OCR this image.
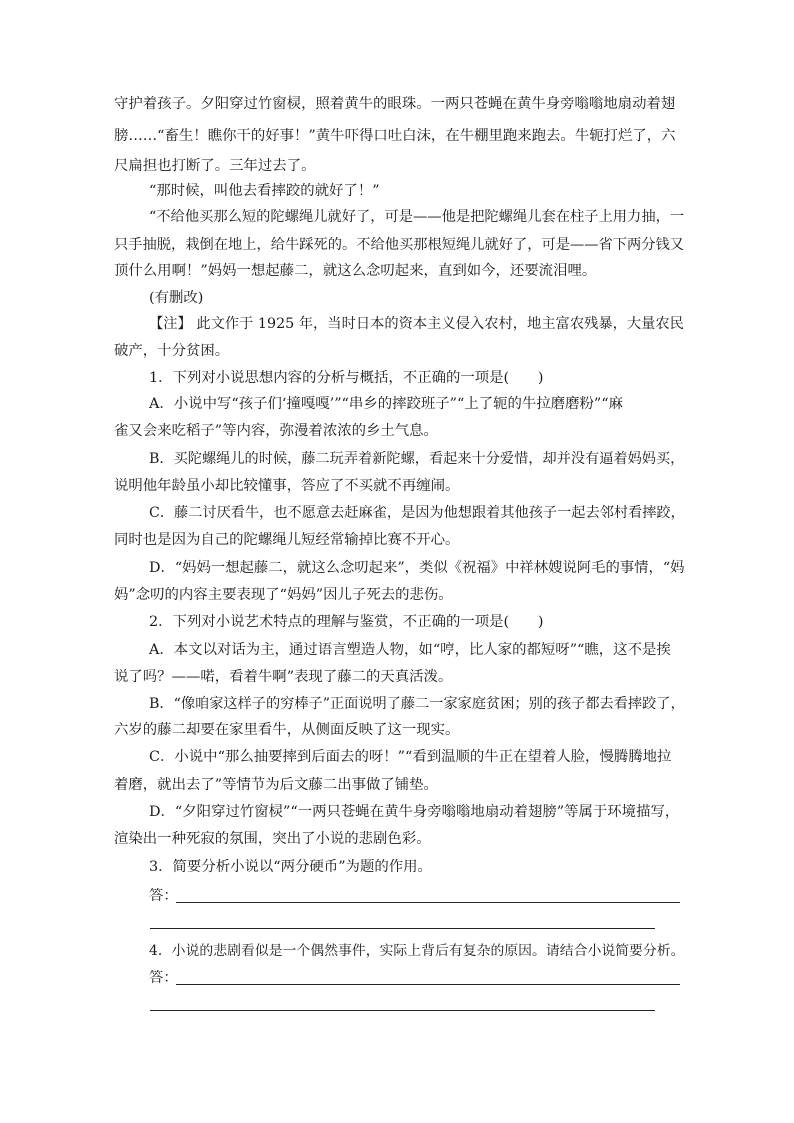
守护着孩子。夕阳穿过竹窗棂，照着黄牛的眼珠。一两只苍蝇在黄牛身旁嗡嗡地扇动着翅
膀……“畜生！瞧你干的好事！”黄牛吓得口吐白沫，在牛棚里跑来跑去。牛轭打烂了，六
尺扁担也打断了。三年过去了。
“那时候，叫他去看摔跤的就好了！”
“不给他买那么短的陀螺绳儿就好了，可是——他是把陀螺绳儿套在柱子上用力抽，一
只手抽脱，栽倒在地上，给牛踩死的。不给他买那根短绳儿就好了，可是——省下两分钱又
顶什么用啊！”妈妈一想起藤二，就这么念叨起来，直到如今，还要流泪哩。
(有删改)
【注】 此文作于 1925 年，当时日本的资本主义侵入农村，地主富农残暴，大量农民
破产，十分贫困。
1．下列对小说思想内容的分析与概括，不正确的一项是(　　)
A．小说中写“孩子们‘撞嘎嘎’”“串乡的摔跤班子”“上了轭的牛拉磨磨粉”“麻
雀又会来吃稻子”等内容，弥漫着浓浓的乡土气息。
B．买陀螺绳儿的时候，藤二玩弄着新陀螺，看起来十分爱惜，却并没有逼着妈妈买，
说明他年龄虽小却比较懂事，答应了不买就不再缠闹。
C．藤二讨厌看牛，也不愿意去赶麻雀，是因为他想跟着其他孩子一起去邻村看摔跤，
同时也是因为自己的陀螺绳儿短经常输掉比赛不开心。
D．“妈妈一想起藤二，就这么念叨起来”，类似《祝福》中祥林嫂说阿毛的事情，“妈
妈”念叨的内容主要表现了“妈妈”因儿子死去的悲伤。
2．下列对小说艺术特点的理解与鉴赏，不正确的一项是(　　)
A．本文以对话为主，通过语言塑造人物，如“哼，比人家的都短呀”“瞧，这不是挨
说了吗？——喏，看着牛啊”表现了藤二的天真活泼。
B．“像咱家这样子的穷棒子”正面说明了藤二一家家庭贫困；别的孩子都去看摔跤了，
六岁的藤二却要在家里看牛，从侧面反映了这一现实。
C．小说中“那么抽要摔到后面去的呀！”“看到温顺的牛正在望着人脸，慢腾腾地拉
着磨，就出去了”等情节为后文藤二出事做了铺垫。
D．“夕阳穿过竹窗棂”“一两只苍蝇在黄牛身旁嗡嗡地扇动着翅膀”等属于环境描写，
渲染出一种死寂的氛围，突出了小说的悲剧色彩。
3．简要分析小说以“两分硬币”为题的作用。
答：
4．小说的悲剧看似是一个偶然事件，实际上背后有复杂的原因。请结合小说简要分析。
答：
